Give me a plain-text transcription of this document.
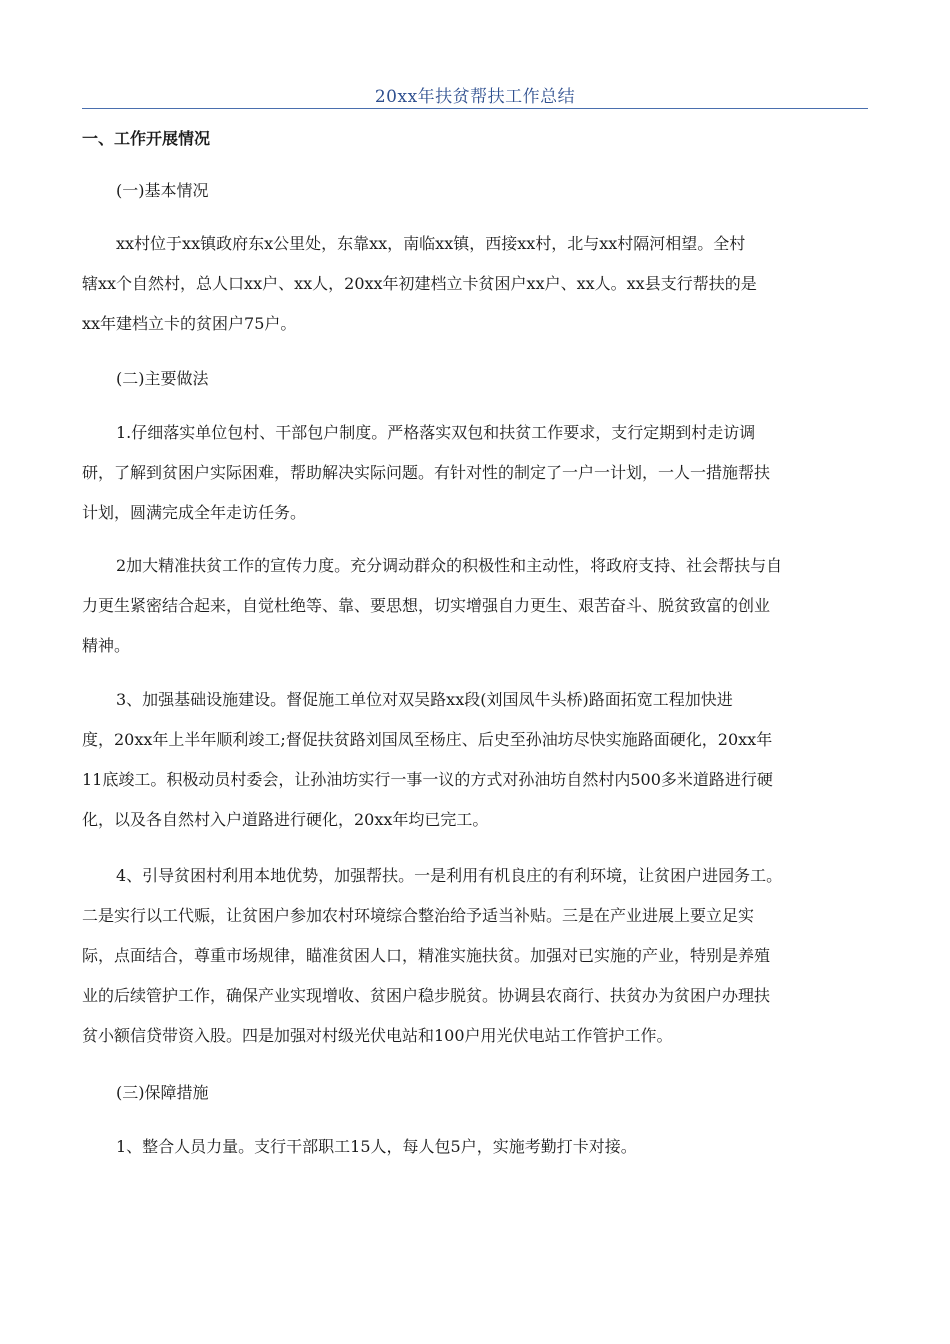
20xx年扶贫帮扶工作总结
一、工作开展情况
(一)基本情况
xx村位于xx镇政府东x公里处，东靠xx，南临xx镇，西接xx村，北与xx村隔河相望。全村
辖xx个自然村，总人口xx户、xx人，20xx年初建档立卡贫困户xx户、xx人。xx县支行帮扶的是
xx年建档立卡的贫困户75户。
(二)主要做法
1.仔细落实单位包村、干部包户制度。严格落实双包和扶贫工作要求，支行定期到村走访调
研，了解到贫困户实际困难，帮助解决实际问题。有针对性的制定了一户一计划，一人一措施帮扶
计划，圆满完成全年走访任务。
2加大精准扶贫工作的宣传力度。充分调动群众的积极性和主动性，将政府支持、社会帮扶与自
力更生紧密结合起来，自觉杜绝等、靠、要思想，切实增强自力更生、艰苦奋斗、脱贫致富的创业
精神。
3、加强基础设施建设。督促施工单位对双吴路xx段(刘国凤牛头桥)路面拓宽工程加快进
度，20xx年上半年顺利竣工;督促扶贫路刘国凤至杨庄、后史至孙油坊尽快实施路面硬化，20xx年
11底竣工。积极动员村委会，让孙油坊实行一事一议的方式对孙油坊自然村内500多米道路进行硬
化，以及各自然村入户道路进行硬化，20xx年均已完工。
4、引导贫困村利用本地优势，加强帮扶。一是利用有机良庄的有利环境，让贫困户进园务工。
二是实行以工代赈，让贫困户参加农村环境综合整治给予适当补贴。三是在产业进展上要立足实
际，点面结合，尊重市场规律，瞄准贫困人口，精准实施扶贫。加强对已实施的产业，特别是养殖
业的后续管护工作，确保产业实现增收、贫困户稳步脱贫。协调县农商行、扶贫办为贫困户办理扶
贫小额信贷带资入股。四是加强对村级光伏电站和100户用光伏电站工作管护工作。
(三)保障措施
1、整合人员力量。支行干部职工15人，每人包5户，实施考勤打卡对接。
